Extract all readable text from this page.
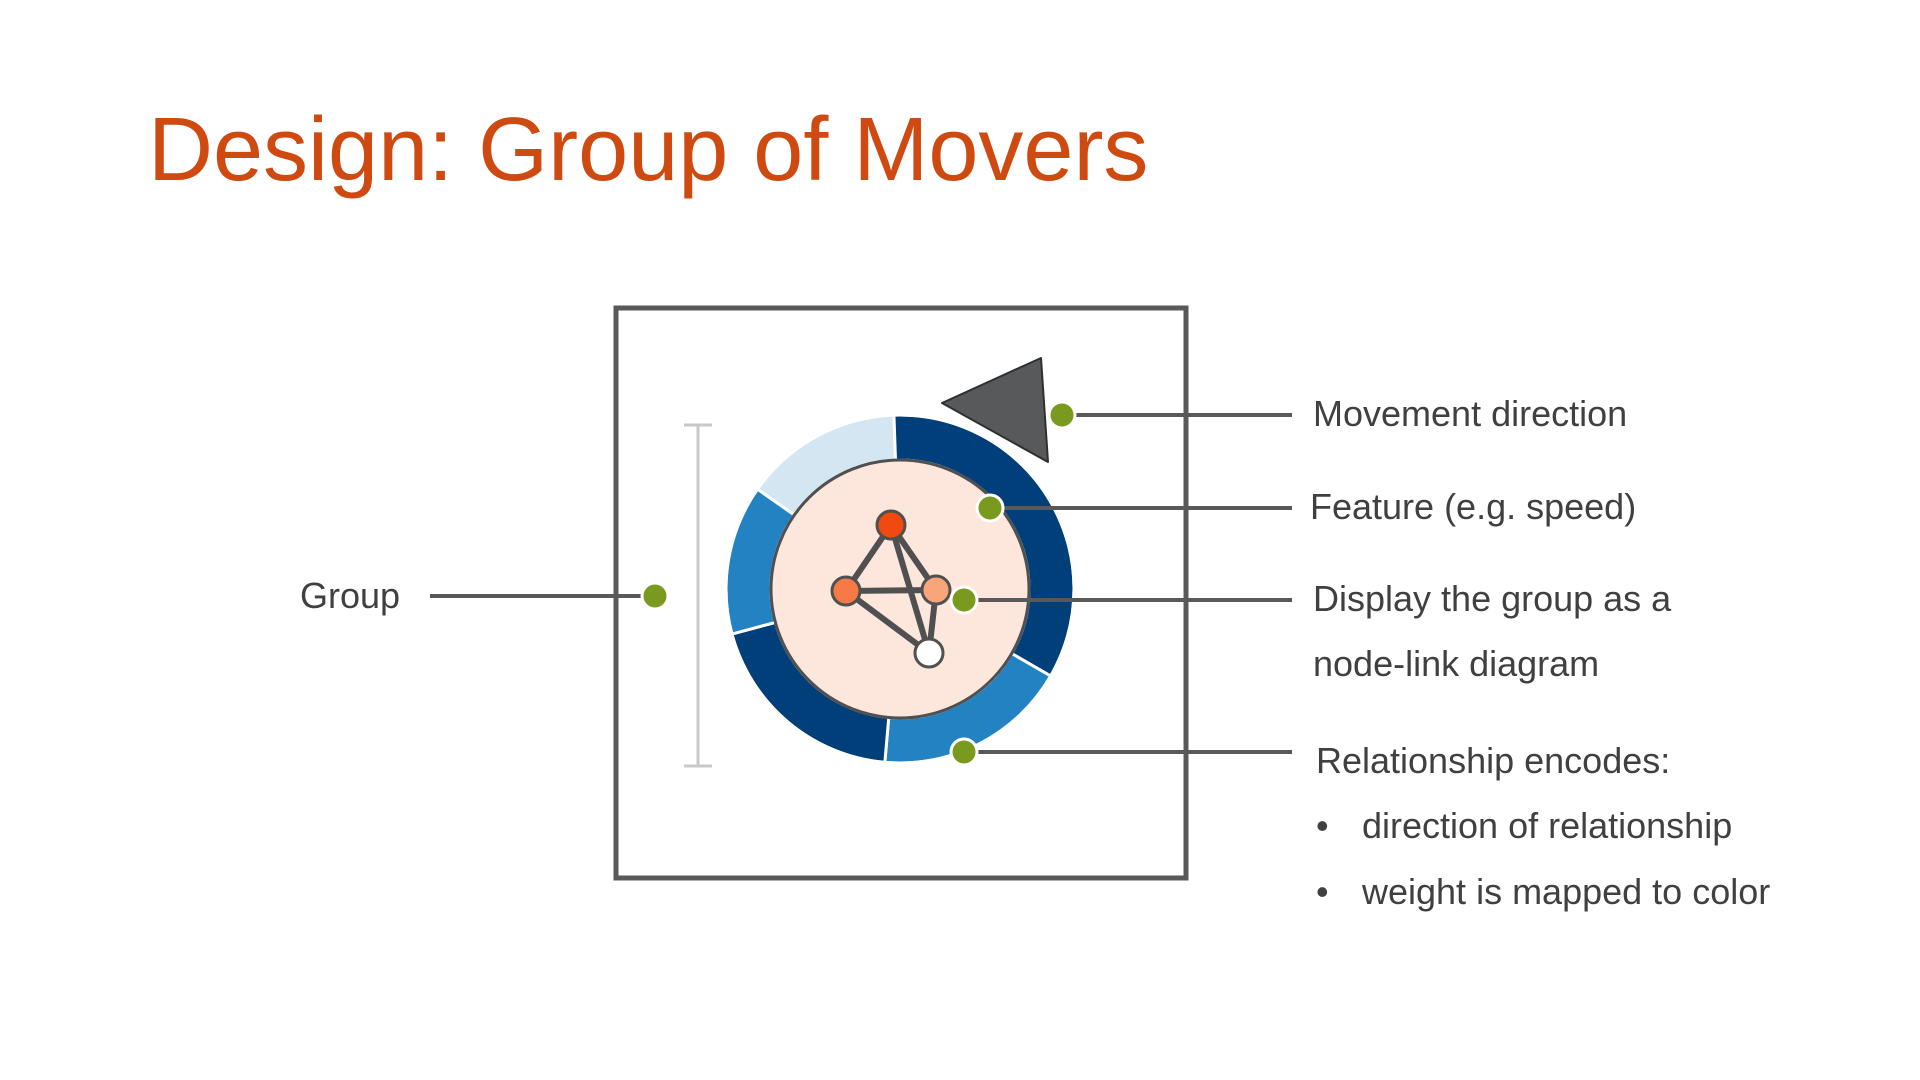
Design: Group of Movers
Group
Movement direction
Feature (e.g. speed)
Display the group as a
node-link diagram
Relationship encodes:
• direction of relationship
• weight is mapped to color
